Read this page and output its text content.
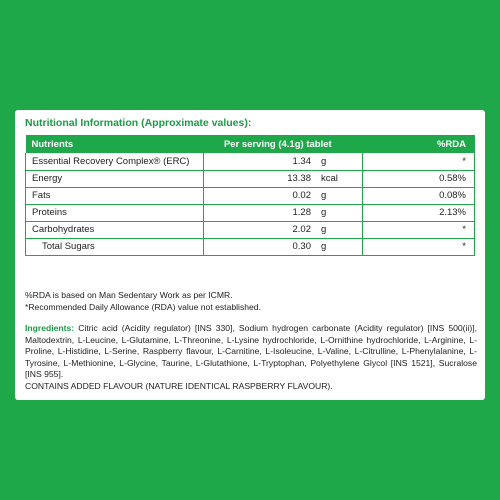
Nutritional Information (Approximate values):
Nutrients	Per serving (4.1g) tablet		%RDA
Essential Recovery Complex® (ERC)	1.34	g	*
Energy	13.38	kcal	0.58%
Fats	0.02	g	0.08%
Proteins	1.28	g	2.13%
Carbohydrates	2.02	g	*
Total Sugars	0.30	g	*
%RDA is based on Man Sedentary Work as per ICMR.
*Recommended Daily Allowance (RDA) value not established.
Ingredients: Citric acid (Acidity regulator) [INS 330], Sodium hydrogen carbonate (Acidity regulator) [INS 500(ii)], Maltodextrin, L-Leucine, L-Glutamine, L-Threonine, L-Lysine hydrochloride, L-Ornithine hydrochloride, L-Arginine, L-Proline, L-Histidine, L-Serine, Raspberry flavour, L-Carnitine, L-Isoleucine, L-Valine, L-Citrulline, L-Phenylalanine, L-Tyrosine, L-Methionine, L-Glycine, Taurine, L-Glutathione, L-Tryptophan, Polyethylene Glycol [INS 1521], Sucralose [INS 955].
CONTAINS ADDED FLAVOUR (NATURE IDENTICAL RASPBERRY FLAVOUR).
